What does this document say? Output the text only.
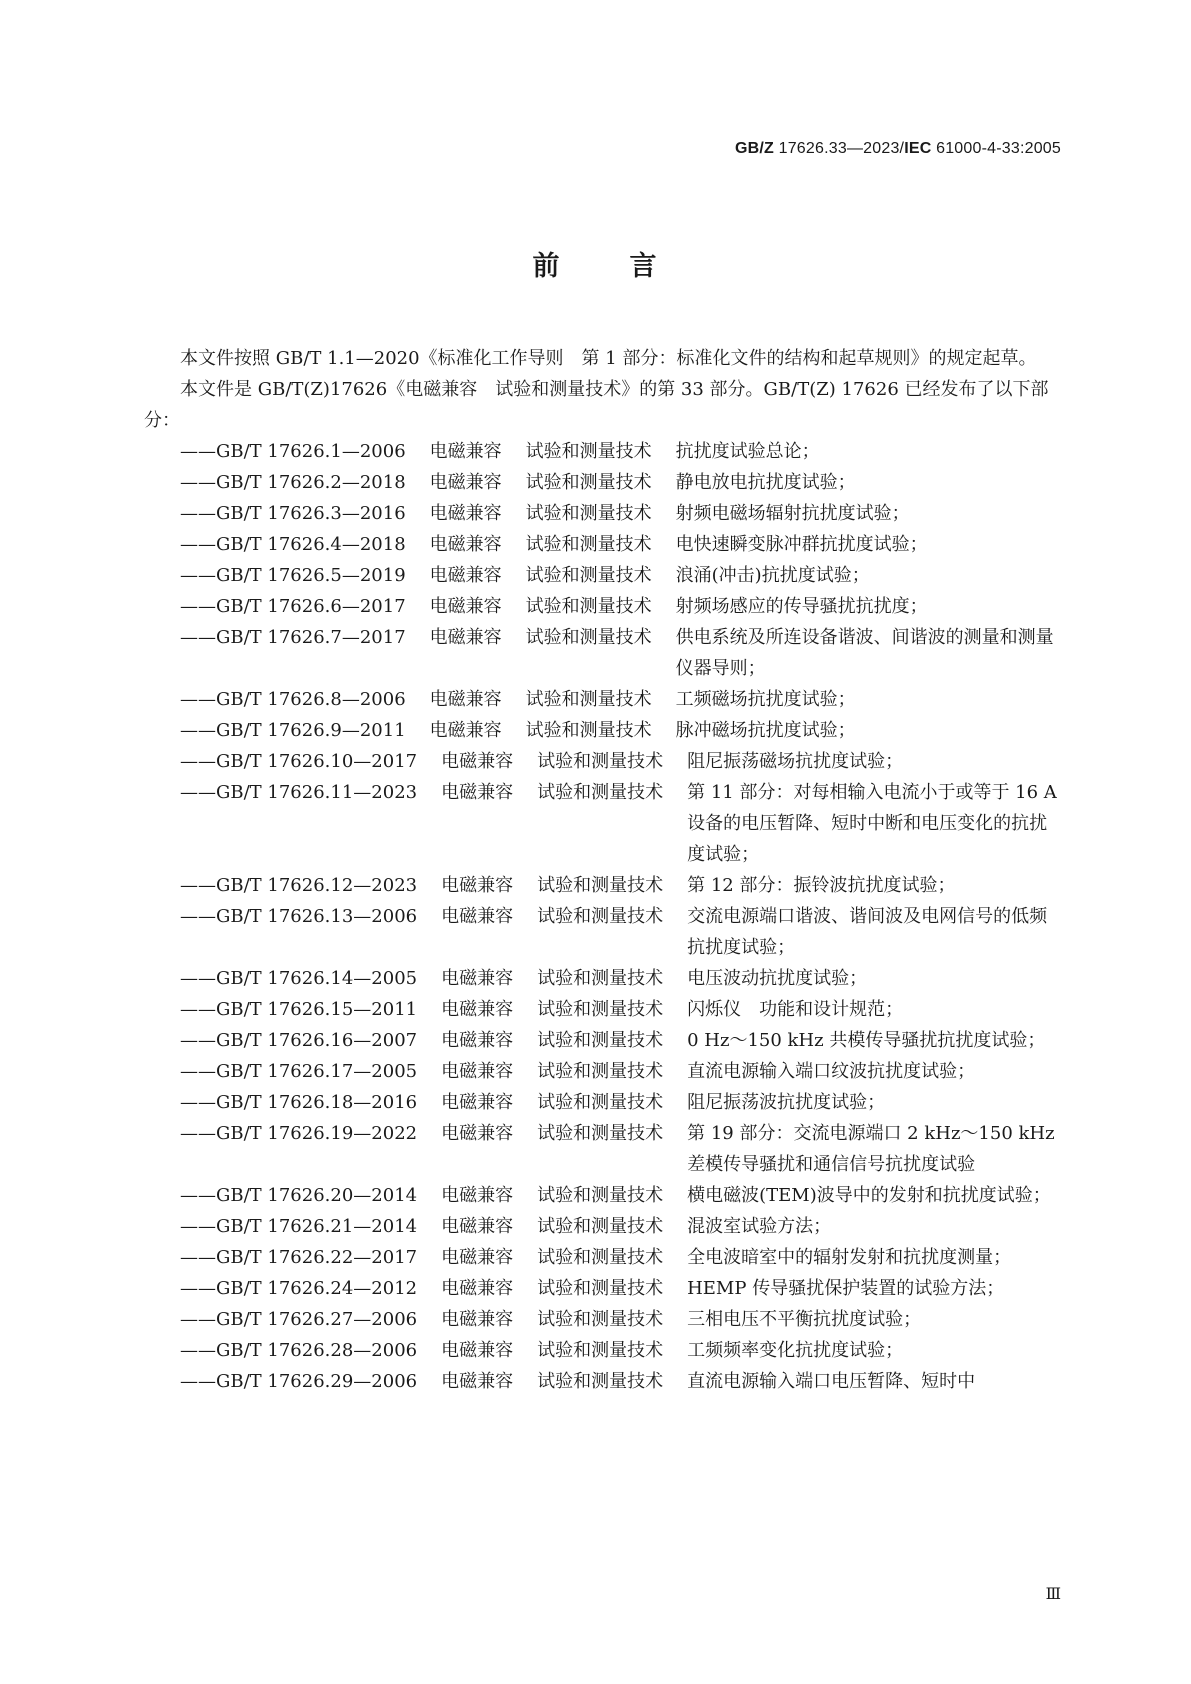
GB/Z 17626.33—2023/IEC 61000-4-33:2005
前	言

本文件按照 GB/T 1.1—2020《标准化工作导则　第 1 部分：标准化文件的结构和起草规则》的规定起草。

本文件是 GB/T(Z)17626《电磁兼容　试验和测量技术》的第 33 部分。GB/T(Z) 17626 已经发布了以下部分：

—— GB/T 17626.1—2006 电磁兼容 试验和测量技术 抗扰度试验总论；
—— GB/T 17626.2—2018 电磁兼容 试验和测量技术 静电放电抗扰度试验；
—— GB/T 17626.3—2016 电磁兼容 试验和测量技术 射频电磁场辐射抗扰度试验；
—— GB/T 17626.4—2018 电磁兼容 试验和测量技术 电快速瞬变脉冲群抗扰度试验；
—— GB/T 17626.5—2019 电磁兼容 试验和测量技术 浪涌(冲击)抗扰度试验；
—— GB/T 17626.6—2017 电磁兼容 试验和测量技术 射频场感应的传导骚扰抗扰度；
—— GB/T 17626.7—2017 电磁兼容 试验和测量技术 供电系统及所连设备谐波、间谐波的测量和测量仪器导则；
—— GB/T 17626.8—2006 电磁兼容 试验和测量技术 工频磁场抗扰度试验；
—— GB/T 17626.9—2011 电磁兼容 试验和测量技术 脉冲磁场抗扰度试验；
—— GB/T 17626.10—2017 电磁兼容 试验和测量技术 阻尼振荡磁场抗扰度试验；
—— GB/T 17626.11—2023 电磁兼容 试验和测量技术 第 11 部分：对每相输入电流小于或等于 16 A 设备的电压暂降、短时中断和电压变化的抗扰度试验；
—— GB/T 17626.12—2023 电磁兼容 试验和测量技术 第 12 部分：振铃波抗扰度试验；
—— GB/T 17626.13—2006 电磁兼容 试验和测量技术 交流电源端口谐波、谐间波及电网信号的低频抗扰度试验；
—— GB/T 17626.14—2005 电磁兼容 试验和测量技术 电压波动抗扰度试验；
—— GB/T 17626.15—2011 电磁兼容 试验和测量技术 闪烁仪　功能和设计规范；
—— GB/T 17626.16—2007 电磁兼容 试验和测量技术 0 Hz～150 kHz 共模传导骚扰抗扰度试验；
—— GB/T 17626.17—2005 电磁兼容 试验和测量技术 直流电源输入端口纹波抗扰度试验；
—— GB/T 17626.18—2016 电磁兼容 试验和测量技术 阻尼振荡波抗扰度试验；
—— GB/T 17626.19—2022 电磁兼容 试验和测量技术 第 19 部分：交流电源端口 2 kHz～150 kHz差模传导骚扰和通信信号抗扰度试验
—— GB/T 17626.20—2014 电磁兼容 试验和测量技术 横电磁波(TEM)波导中的发射和抗扰度试验；
—— GB/T 17626.21—2014 电磁兼容 试验和测量技术 混波室试验方法；
—— GB/T 17626.22—2017 电磁兼容 试验和测量技术 全电波暗室中的辐射发射和抗扰度测量；
—— GB/T 17626.24—2012 电磁兼容 试验和测量技术 HEMP 传导骚扰保护装置的试验方法；
—— GB/T 17626.27—2006 电磁兼容 试验和测量技术 三相电压不平衡抗扰度试验；
—— GB/T 17626.28—2006 电磁兼容 试验和测量技术 工频频率变化抗扰度试验；
—— GB/T 17626.29—2006 电磁兼容 试验和测量技术 直流电源输入端口电压暂降、短时中
Ⅲ
